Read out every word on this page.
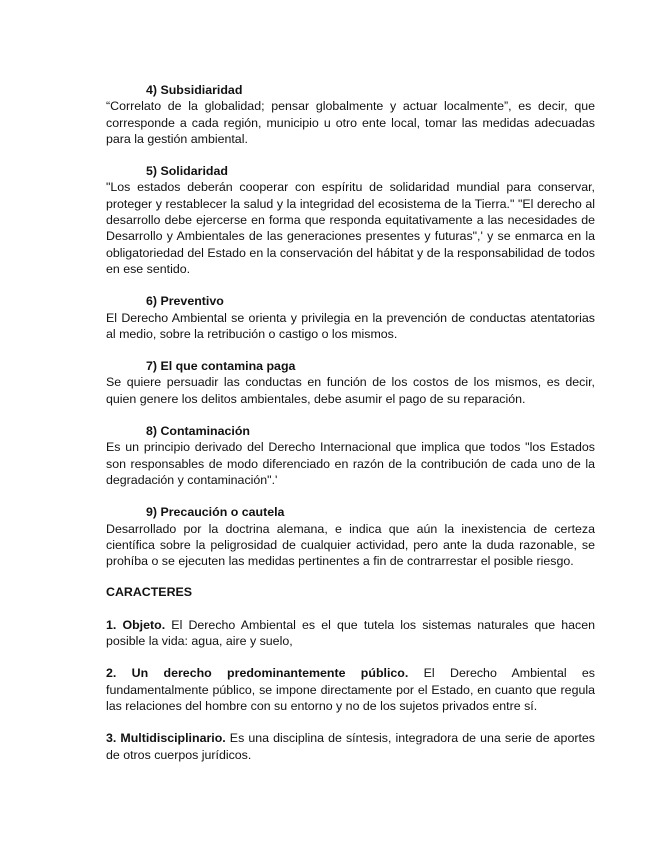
4) Subsidiaridad

“Correlato de la globalidad; pensar globalmente y actuar localmente”, es decir, que corresponde a cada región, municipio u otro ente local, tomar las medidas adecuadas para la gestión ambiental.

5) Solidaridad

"Los estados deberán cooperar con espíritu de solidaridad mundial para conservar, proteger y restablecer la salud y la integridad del ecosistema de la Tierra." "El derecho al desarrollo debe ejercerse en forma que responda equitativamente a las necesidades de Desarrollo y Ambientales de las generaciones presentes y futuras",' y se enmarca en la obligatoriedad del Estado en la conservación del hábitat y de la responsabilidad de todos en ese sentido.

6) Preventivo

El Derecho Ambiental se orienta y privilegia en la prevención de conductas atentatorias al medio, sobre la retribución o castigo o los mismos.

7) El que contamina paga

Se quiere persuadir las conductas en función de los costos de los mismos, es decir, quien genere los delitos ambientales, debe asumir el pago de su reparación.

8) Contaminación

Es un principio derivado del Derecho Internacional que implica que todos "los Estados son responsables de modo diferenciado en razón de la contribución de cada uno de la degradación y contaminación".'

9) Precaución o cautela

Desarrollado por la doctrina alemana, e indica que aún la inexistencia de certeza científica sobre la peligrosidad de cualquier actividad, pero ante la duda razonable, se prohíba o se ejecuten las medidas pertinentes a fin de contrarrestar el posible riesgo.

CARACTERES

1. Objeto. El Derecho Ambiental es el que tutela los sistemas naturales que hacen posible la vida: agua, aire y suelo,

2. Un derecho predominantemente público. El Derecho Ambiental es fundamentalmente público, se impone directamente por el Estado, en cuanto que regula las relaciones del hombre con su entorno y no de los sujetos privados entre sí.

3. Multidisciplinario. Es una disciplina de síntesis, integradora de una serie de aportes de otros cuerpos jurídicos.
